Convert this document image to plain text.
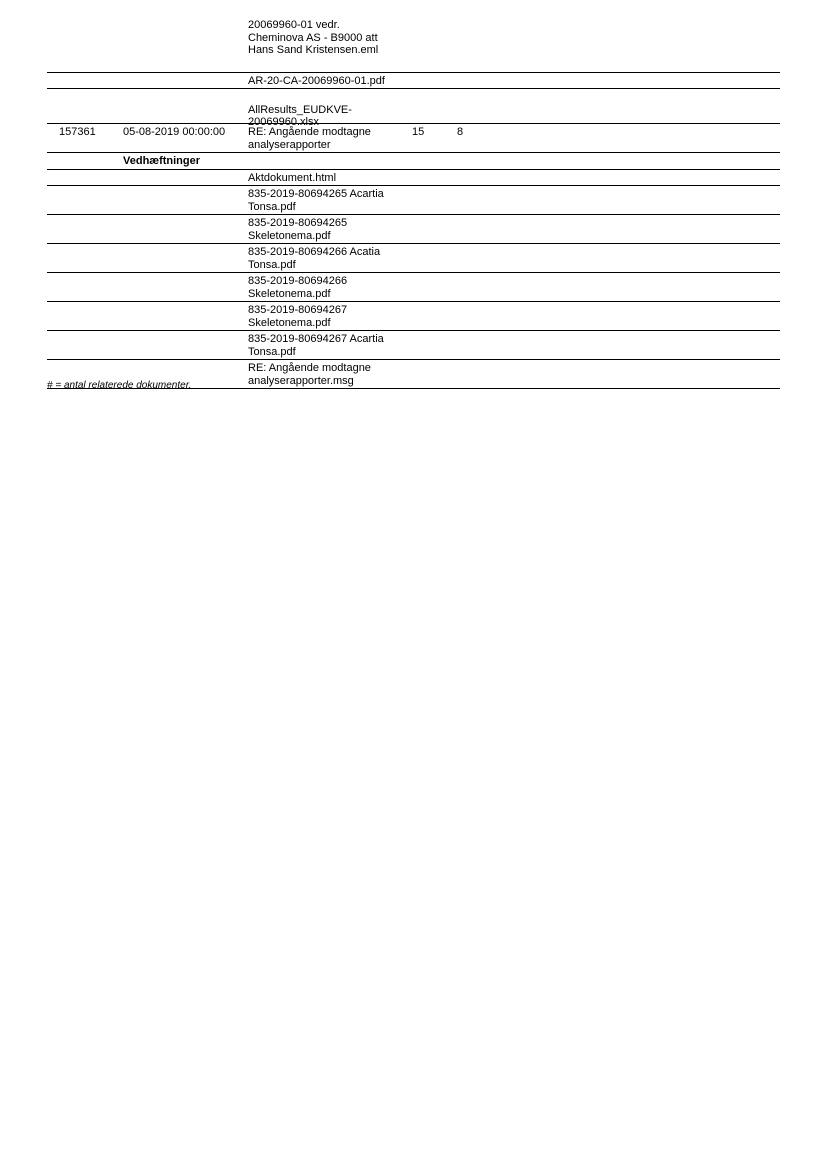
20069960-01 vedr.
Cheminova AS - B9000 att
Hans Sand Kristensen.eml
AR-20-CA-20069960-01.pdf

AllResults_EUDKVE-
20069960.xlsx
157361 05-08-2019 00:00:00 RE: Angående modtagne
analyserapporter
15	8
Vedhæftninger
Aktdokument.html
835-2019-80694265 Acartia
Tonsa.pdf
835-2019-80694265
Skeletonema.pdf
835-2019-80694266 Acatia
Tonsa.pdf
835-2019-80694266
Skeletonema.pdf
835-2019-80694267
Skeletonema.pdf
835-2019-80694267 Acartia
Tonsa.pdf
RE: Angående modtagne
analyserapporter.msg
# = antal relaterede dokumenter.
